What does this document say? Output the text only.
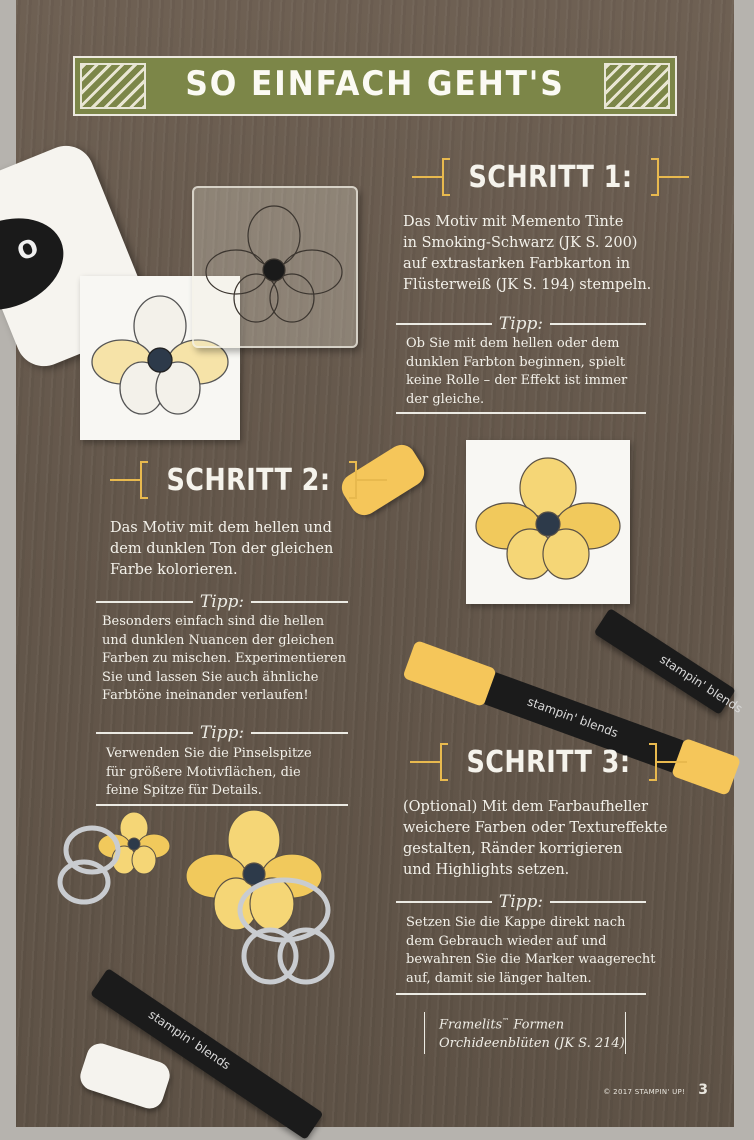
O
stampin' blends
stampin' blends
stampin' blends
SO EINFACH GEHT'S
SCHRITT 1:
Das Motiv mit Memento Tinte
in Smoking-Schwarz (JK S. 200)
auf extrastarken Farbkarton in
Flüsterweiß (JK S. 194) stempeln.
Tipp:
Ob Sie mit dem hellen oder dem
dunklen Farbton beginnen, spielt
keine Rolle – der Effekt ist immer
der gleiche.
SCHRITT 2:
Das Motiv mit dem hellen und
dem dunklen Ton der gleichen
Farbe kolorieren.
Tipp:
Besonders einfach sind die hellen
und dunklen Nuancen der gleichen
Farben zu mischen. Experimentieren
Sie und lassen Sie auch ähnliche
Farbtöne ineinander verlaufen!
Tipp:
Verwenden Sie die Pinselspitze
für größere Motivflächen, die
feine Spitze für Details.
SCHRITT 3:
(Optional) Mit dem Farbaufheller
weichere Farben oder Textureffekte
gestalten, Ränder korrigieren
und Highlights setzen.
Tipp:
Setzen Sie die Kappe direkt nach
dem Gebrauch wieder auf und
bewahren Sie die Marker waagerecht
auf, damit sie länger halten.
Framelits™ Formen
Orchideenblüten (JK S. 214)
© 2017 STAMPIN' UP! 3
